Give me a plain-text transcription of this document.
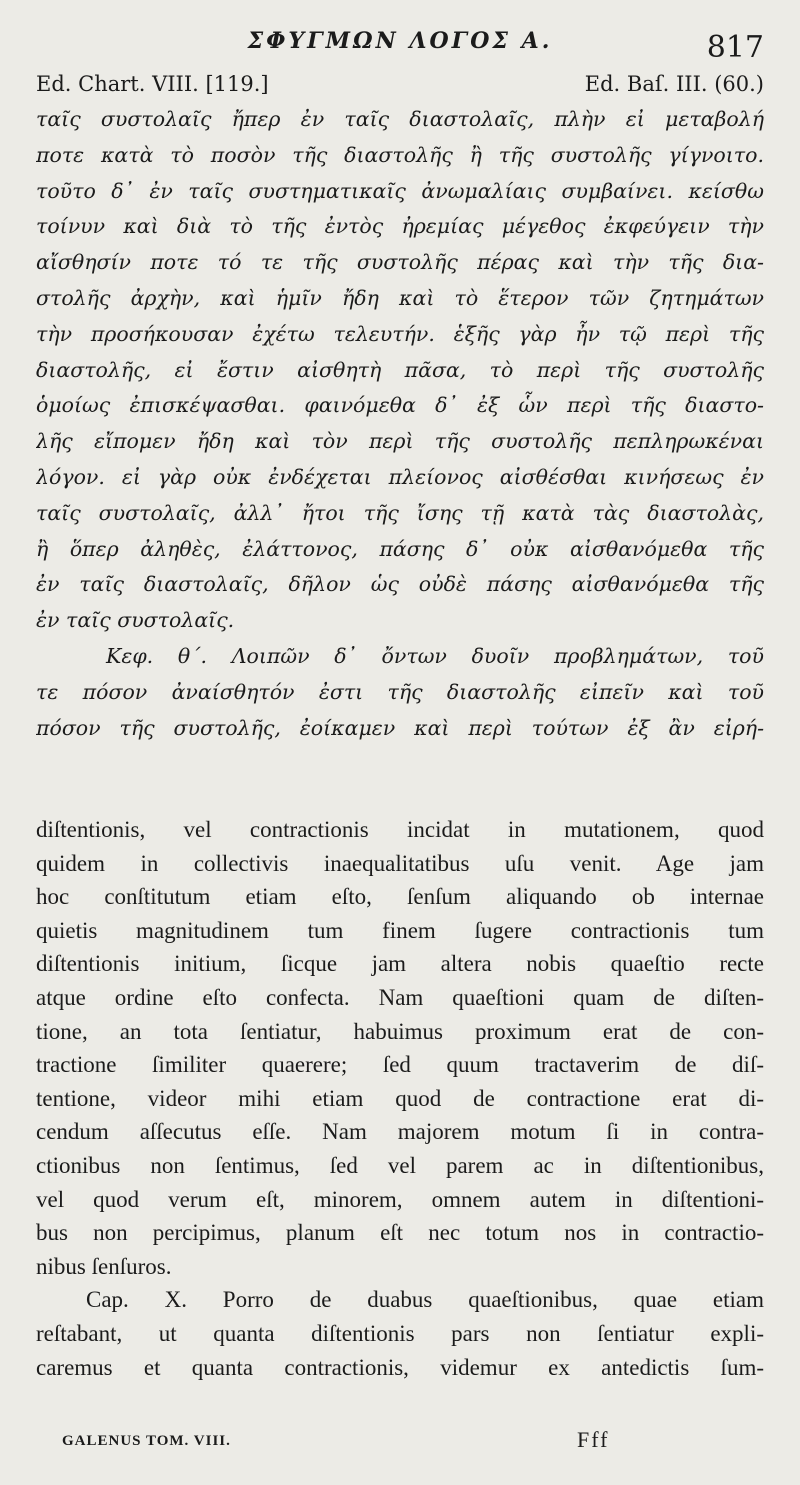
ΣΦΥΓΜΩΝ ΛΟΓΟΣ Α.	817
Ed. Chart. VIII. [119.]	Ed. Baſ. III. (60.)
ταῖς συστολαῖς ἤπερ ἐν ταῖς διαστολαῖς, πλὴν εἰ μεταβολή
ποτε κατὰ τὸ ποσὸν τῆς διαστολῆς ἢ τῆς συστολῆς γίγνοιτο.
τοῦτο δ᾽ ἐν ταῖς συστηματικαῖς ἀνωμαλίαις συμβαίνει. κείσθω
τοίνυν καὶ διὰ τὸ τῆς ἐντὸς ἠρεμίας μέγεθος ἐκφεύγειν τὴν
αἴσθησίν ποτε τό τε τῆς συστολῆς πέρας καὶ τὴν τῆς δια-
στολῆς ἀρχὴν, καὶ ἡμῖν ἤδη καὶ τὸ ἕτερον τῶν ζητημάτων
τὴν προσήκουσαν ἐχέτω τελευτήν. ἑξῆς γὰρ ἦν τῷ περὶ τῆς
διαστολῆς, εἰ ἔστιν αἰσθητὴ πᾶσα, τὸ περὶ τῆς συστολῆς
ὁμοίως ἐπισκέψασθαι. φαινόμεθα δ᾽ ἐξ ὧν περὶ τῆς διαστο-
λῆς εἴπομεν ἤδη καὶ τὸν περὶ τῆς συστολῆς πεπληρωκέναι
λόγον. εἰ γὰρ οὐκ ἐνδέχεται πλείονος αἰσθέσθαι κινήσεως ἐν
ταῖς συστολαῖς, ἀλλ᾽ ἤτοι τῆς ἴσης τῇ κατὰ τὰς διαστολὰς,
ἢ ὅπερ ἀληθὲς, ἐλάττονος, πάσης δ᾽ οὐκ αἰσθανόμεθα τῆς
ἐν ταῖς διαστολαῖς, δῆλον ὡς οὐδὲ πάσης αἰσθανόμεθα τῆς
ἐν ταῖς συστολαῖς.
Κεφ. θ΄. Λοιπῶν δ᾽ ὄντων δυοῖν προβλημάτων, τοῦ
τε πόσον ἀναίσθητόν ἐστι τῆς διαστολῆς εἰπεῖν καὶ τοῦ
πόσον τῆς συστολῆς, ἐοίκαμεν καὶ περὶ τούτων ἐξ ἂν εἰρή-
diſtentionis, vel contractionis incidat in mutationem, quod
quidem in collectivis inaequalitatibus uſu venit. Age jam
hoc conſtitutum etiam eſto, ſenſum aliquando ob internae
quietis magnitudinem tum finem ſugere contractionis tum
diſtentionis initium, ſicque jam altera nobis quaeſtio recte
atque ordine eſto confecta. Nam quaeſtioni quam de diſten-
tione, an tota ſentiatur, habuimus proximum erat de con-
tractione ſimiliter quaerere; ſed quum tractaverim de diſ-
tentione, videor mihi etiam quod de contractione erat di-
cendum aſſecutus eſſe. Nam majorem motum ſi in contra-
ctionibus non ſentimus, ſed vel parem ac in diſtentionibus,
vel quod verum eſt, minorem, omnem autem in diſtentioni-
bus non percipimus, planum eſt nec totum nos in contractio-
nibus ſenſuros.
Cap. X. Porro de duabus quaeſtionibus, quae etiam
reſtabant, ut quanta diſtentionis pars non ſentiatur expli-
caremus et quanta contractionis, videmur ex antedictis ſum-
GALENUS TOM. VIII.	Fff
